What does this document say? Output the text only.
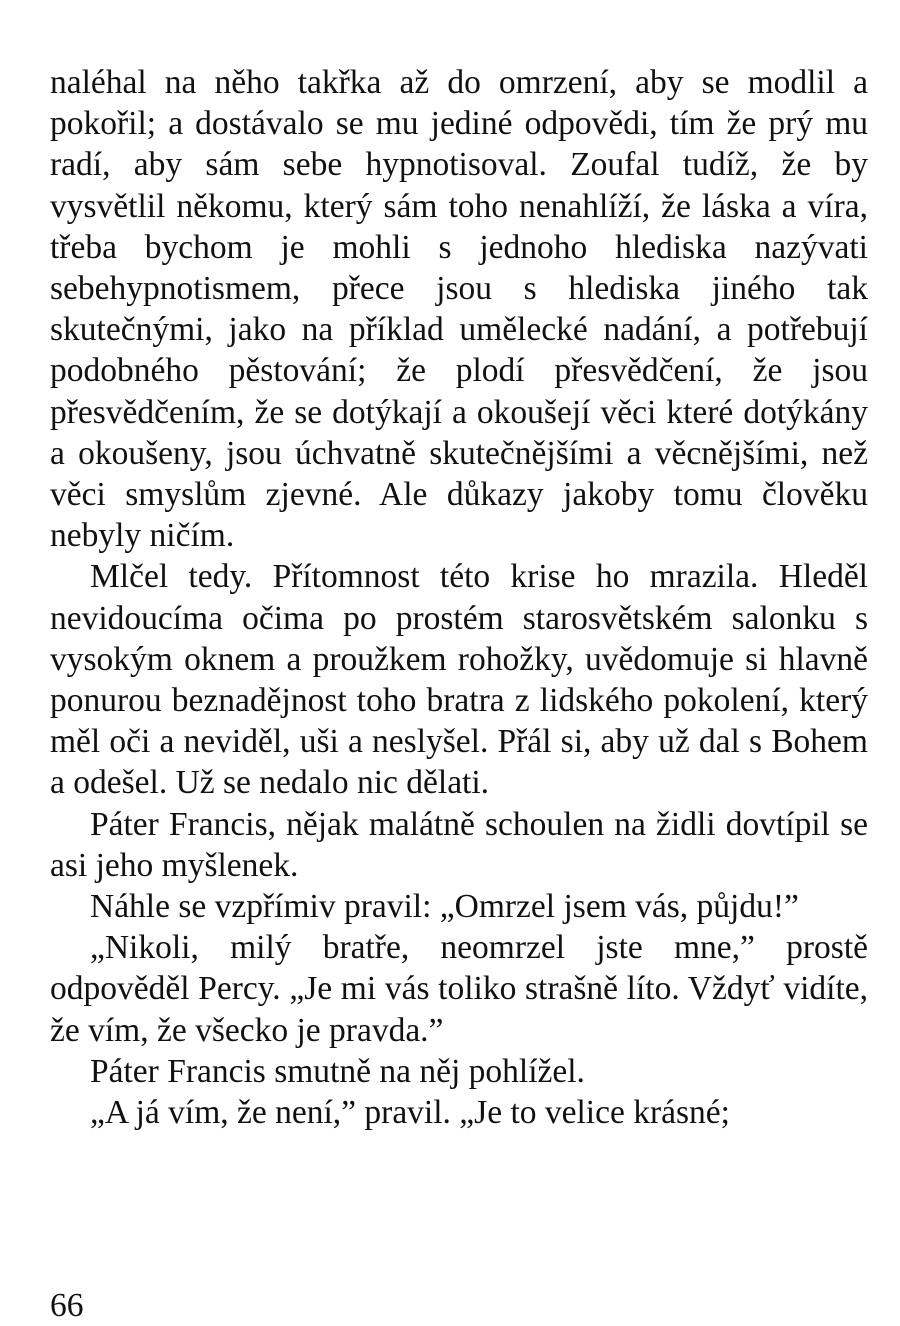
naléhal na něho takřka až do omrzení, aby se modlil a pokořil; a dostávalo se mu jediné odpovědi, tím že prý mu radí, aby sám sebe hypnotisoval. Zoufal tudíž, že by vysvětlil někomu, který sám toho nenahlíží, že láska a víra, třeba bychom je mohli s jednoho hlediska nazývati sebehypnotismem, přece jsou s hlediska jiného tak skutečnými, jako na příklad umělecké nadání, a potřebují podobného pěstování; že plodí přesvědčení, že jsou přesvědčením, že se dotýkají a okoušejí věci které dotýkány a okoušeny, jsou úchvatně skutečnějšími a věcnějšími, než věci smyslům zjevné. Ale důkazy jakoby tomu člověku nebyly ničím.

Mlčel tedy. Přítomnost této krise ho mrazila. Hleděl nevidoucíma očima po prostém starosvětském salonku s vysokým oknem a proužkem rohožky, uvědomuje si hlavně ponurou beznadějnost toho bratra z lidského pokolení, který měl oči a neviděl, uši a neslyšel. Přál si, aby už dal s Bohem a odešel. Už se nedalo nic dělati.

Páter Francis, nějak malátně schoulen na židli dovtípil se asi jeho myšlenek.

Náhle se vzpřímiv pravil: „Omrzel jsem vás, půjdu!”

„Nikoli, milý bratře, neomrzel jste mne,” prostě odpověděl Percy. „Je mi vás toliko strašně líto. Vždyť vidíte, že vím, že všecko je pravda.”

Páter Francis smutně na něj pohlížel.

„A já vím, že není,” pravil. „Je to velice krásné;

66
